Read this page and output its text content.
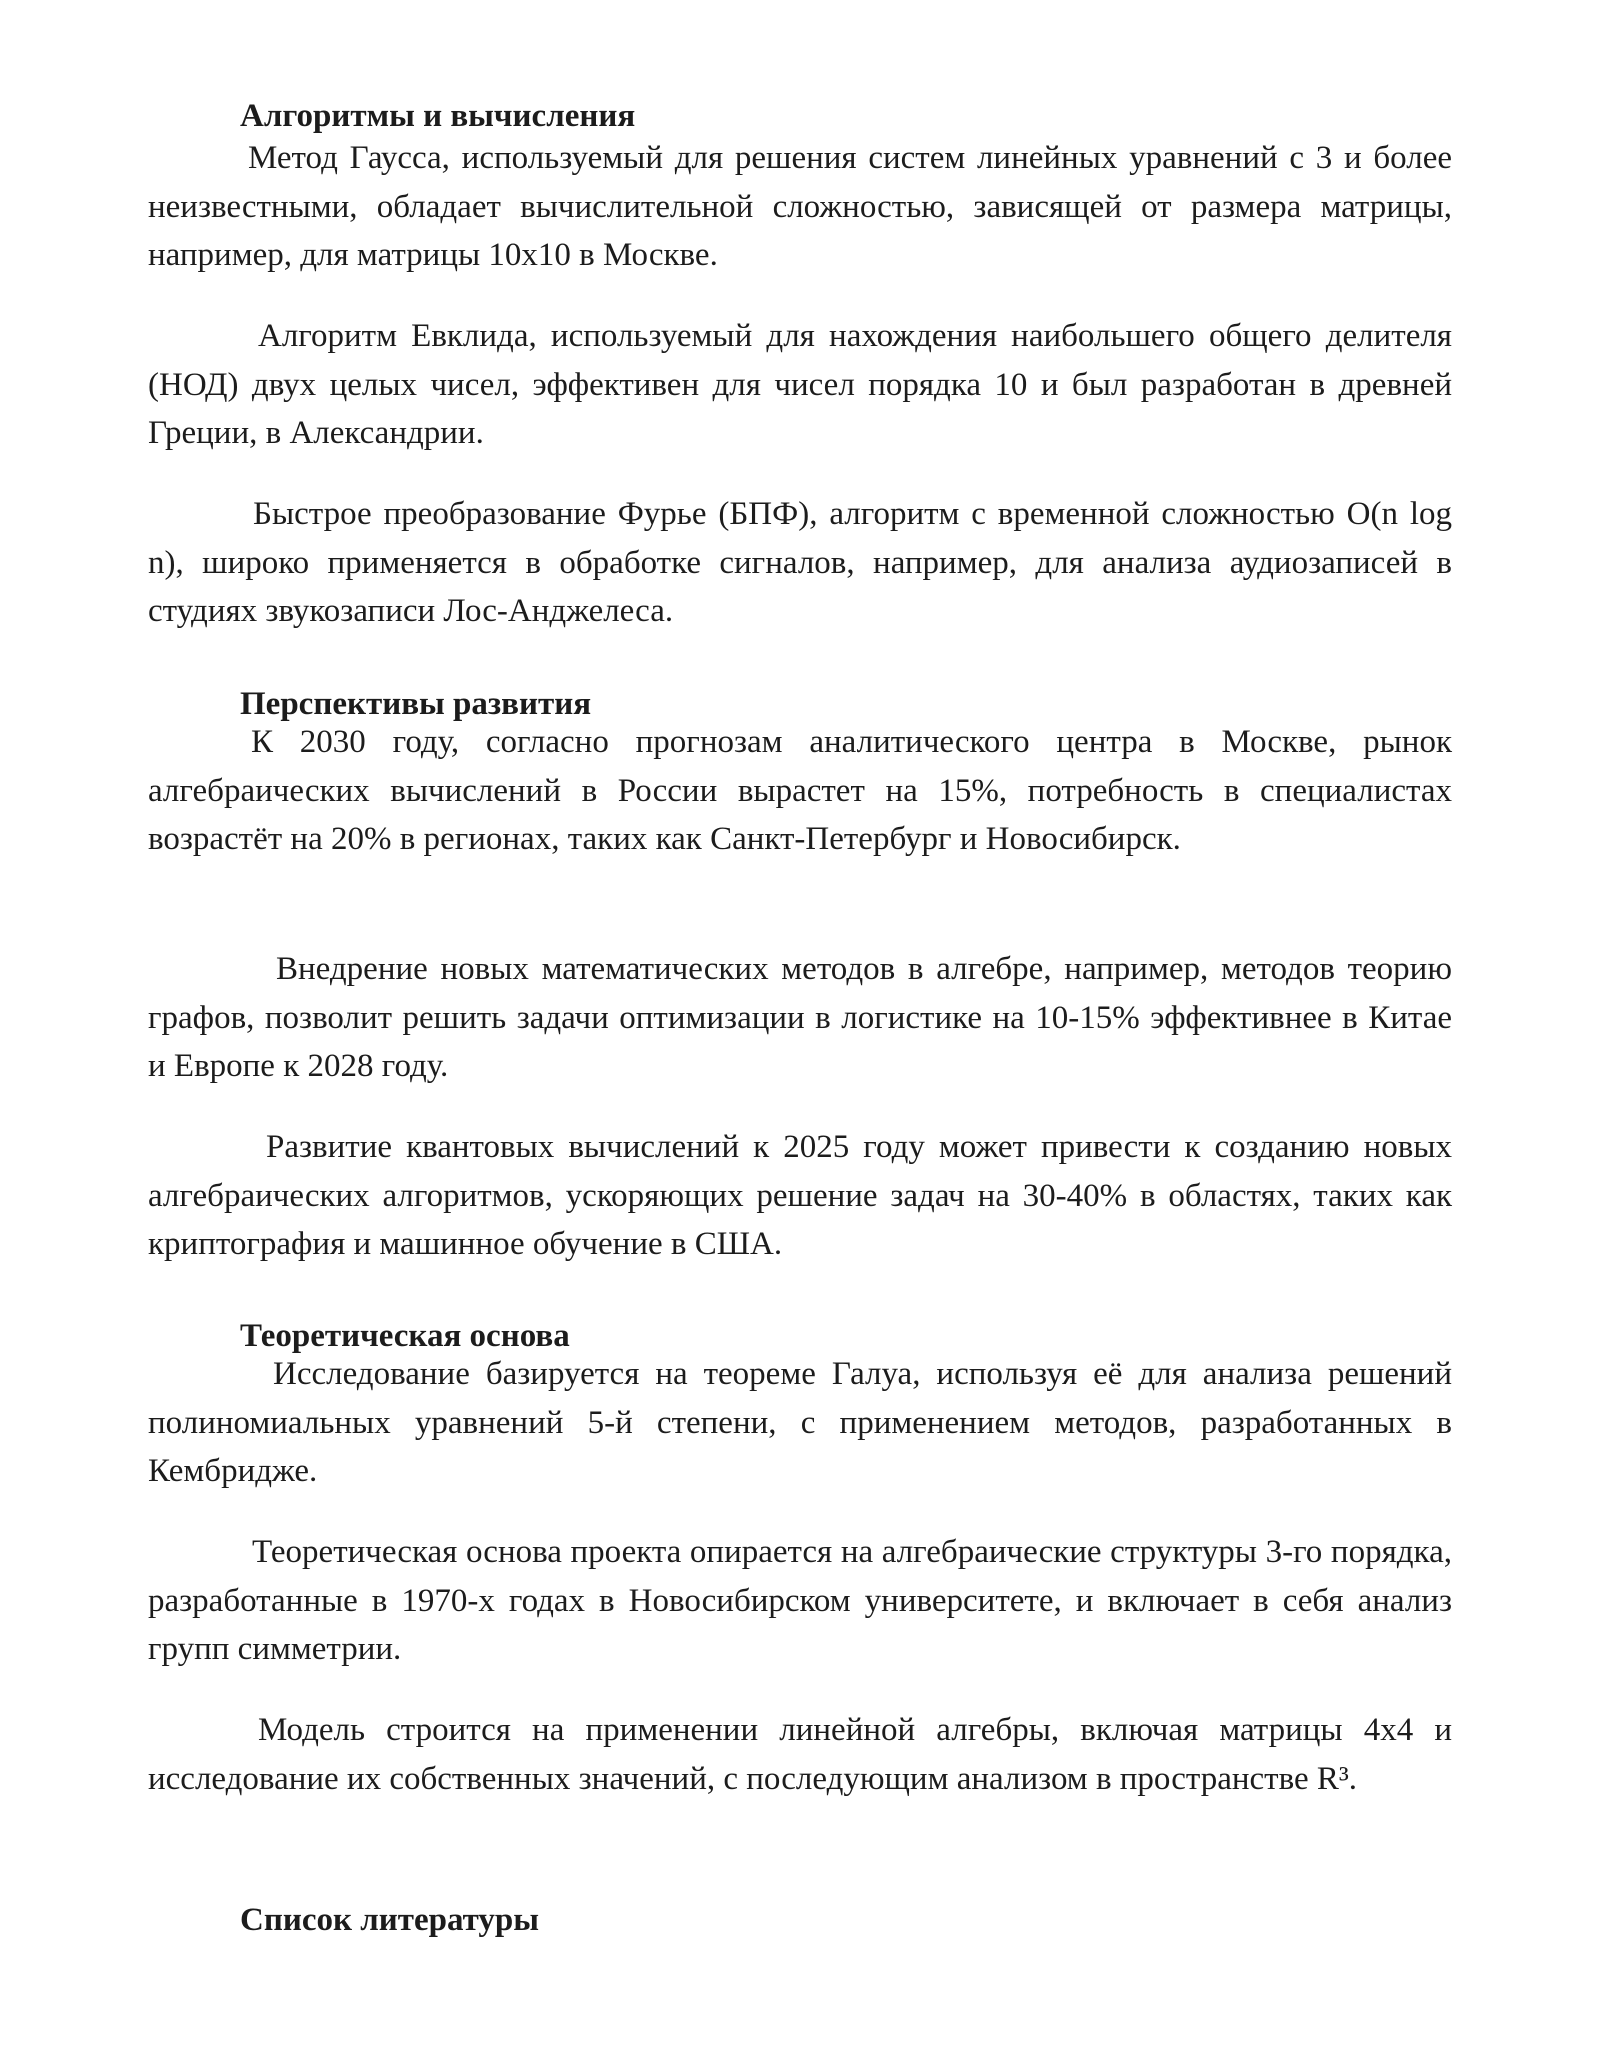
Алгоритмы и вычисления

Метод Гаусса, используемый для решения систем линейных уравнений с 3 и более неизвестными, обладает вычислительной сложностью, зависящей от размера матрицы, например, для матрицы 10x10 в Москве.

Алгоритм Евклида, используемый для нахождения наибольшего общего делителя (НОД) двух целых чисел, эффективен для чисел порядка 10 и был разработан в древней Греции, в Александрии.

Быстрое преобразование Фурье (БПФ), алгоритм с временной сложностью O(n log n), широко применяется в обработке сигналов, например, для анализа аудиозаписей в студиях звукозаписи Лос-Анджелеса.

Перспективы развития

К 2030 году, согласно прогнозам аналитического центра в Москве, рынок алгебраических вычислений в России вырастет на 15%, потребность в специалистах возрастёт на 20% в регионах, таких как Санкт-Петербург и Новосибирск.

Внедрение новых математических методов в алгебре, например, методов теорию графов, позволит решить задачи оптимизации в логистике на 10-15% эффективнее в Китае и Европе к 2028 году.

Развитие квантовых вычислений к 2025 году может привести к созданию новых алгебраических алгоритмов, ускоряющих решение задач на 30-40% в областях, таких как криптография и машинное обучение в США.

Теоретическая основа

Исследование базируется на теореме Галуа, используя её для анализа решений полиномиальных уравнений 5-й степени, с применением методов, разработанных в Кембридже.

Теоретическая основа проекта опирается на алгебраические структуры 3-го порядка, разработанные в 1970-х годах в Новосибирском университете, и включает в себя анализ групп симметрии.

Модель строится на применении линейной алгебры, включая матрицы 4x4 и исследование их собственных значений, с последующим анализом в пространстве R³.

Список литературы
